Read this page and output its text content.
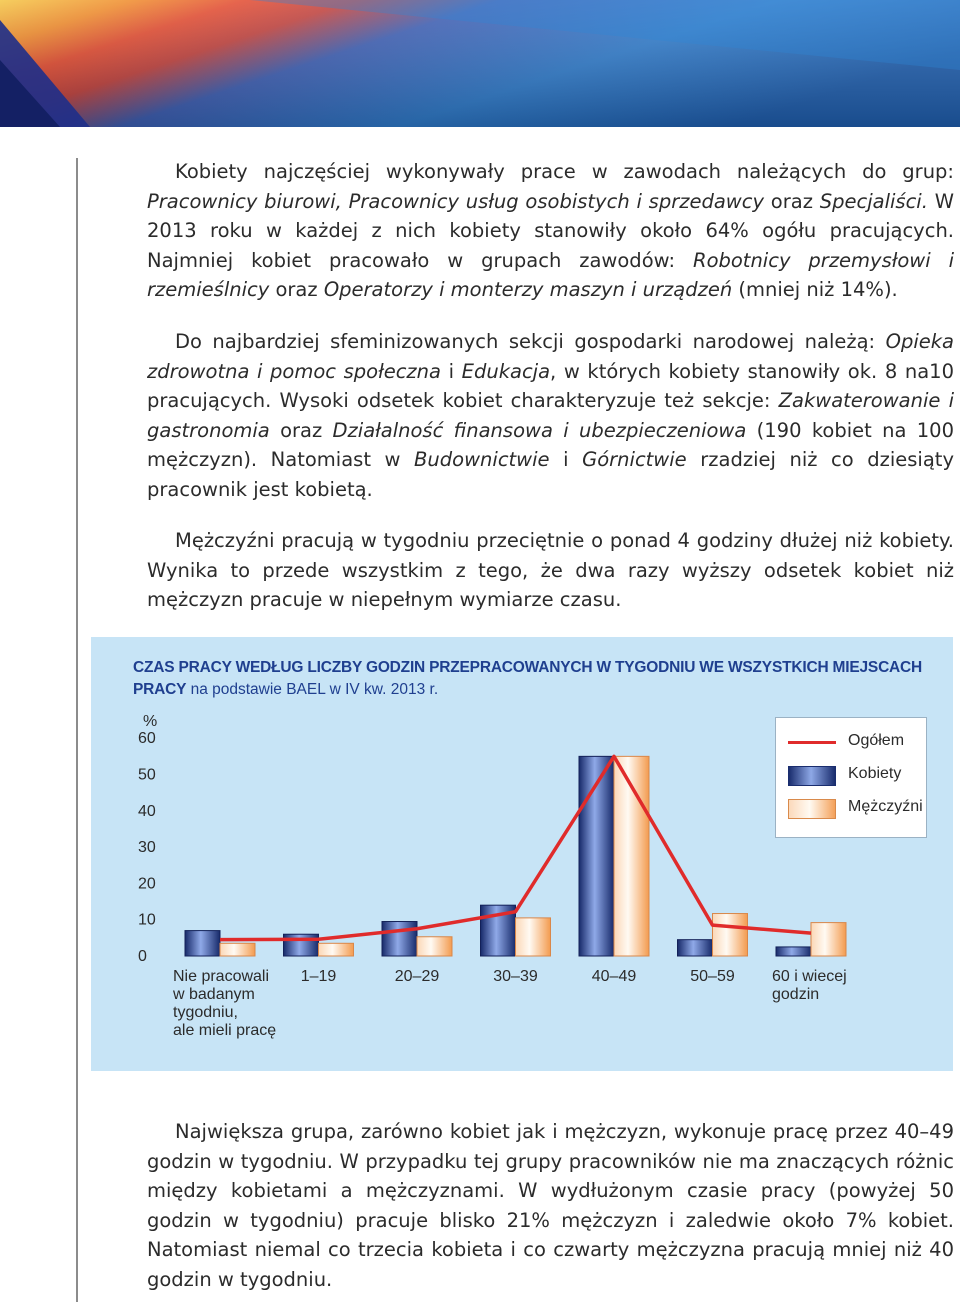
Kobiety najczęściej wykonywały prace w zawodach należących do grup: Pracownicy biurowi, Pracownicy usług osobistych i sprzedawcy oraz Specjaliści. W 2013 roku w każdej z nich kobiety stanowiły około 64% ogółu pracujących. Najmniej kobiet pracowało w grupach zawodów: Robotnicy przemysłowi i rzemieślnicy oraz Operatorzy i monterzy maszyn i urządzeń (mniej niż 14%).

Do najbardziej sfeminizowanych sekcji gospodarki narodowej należą: Opieka zdrowotna i pomoc społeczna i Edukacja, w których kobiety stanowiły ok. 8 na10 pracujących. Wysoki odsetek kobiet charakteryzuje też sekcje: Zakwaterowanie i gastronomia oraz Działalność finansowa i ubezpieczeniowa (190 kobiet na 100 mężczyzn). Natomiast w Budownictwie i Górnictwie rzadziej niż co dziesiąty pracownik jest kobietą.

Mężczyźni pracują w tygodniu przeciętnie o ponad 4 godziny dłużej niż kobiety. Wynika to przede wszystkim z tego, że dwa razy wyższy odsetek kobiet niż mężczyzn pracuje w niepełnym wymiarze czasu.

CZAS PRACY WEDŁUG LICZBY GODZIN PRZEPRACOWANYCH W TYGODNIU WE WSZYSTKICH MIEJSCACH PRACY na podstawie BAEL w IV kw. 2013 r.

%
0
10
20
30
40
50
60
Nie pracowali
w badanym
tygodniu,
ale mieli pracę
1–19	20–29	30–39	40–49	50–59 60 i wiecej
godzin
Ogółem
Kobiety
Mężczyźni

Największa grupa, zarówno kobiet jak i mężczyzn, wykonuje pracę przez 40–49 godzin w tygodniu. W przypadku tej grupy pracowników nie ma znaczących różnic między kobietami a mężczyznami. W wydłużonym czasie pracy (powyżej 50 godzin w tygodniu) pracuje blisko 21% mężczyzn i zaledwie około 7% kobiet. Natomiast niemal co trzecia kobieta i co czwarty mężczyzna pracują mniej niż 40 godzin w tygodniu.
